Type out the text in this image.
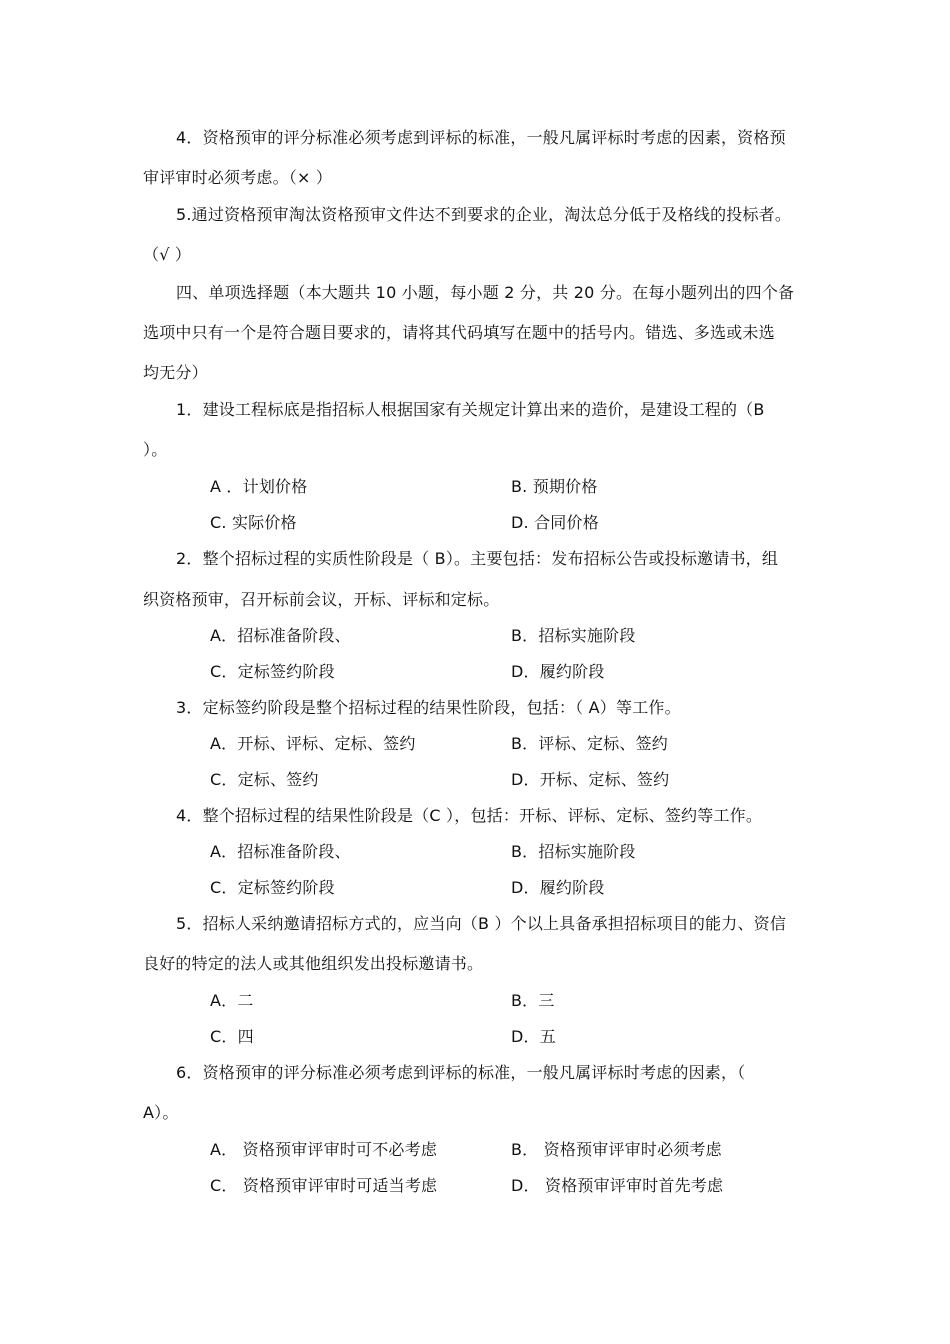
4．资格预审的评分标准必须考虑到评标的标准，一般凡属评标时考虑的因素，资格预
审评审时必须考虑。（× ）
5.通过资格预审淘汰资格预审文件达不到要求的企业，淘汰总分低于及格线的投标者。
（√ ）
四、单项选择题（本大题共 10 小题，每小题 2 分，共 20 分。在每小题列出的四个备
选项中只有一个是符合题目要求的，请将其代码填写在题中的括号内。错选、多选或未选
均无分）
1．建设工程标底是指招标人根据国家有关规定计算出来的造价，是建设工程的（B
）。
A ．计划价格	B. 预期价格
C. 实际价格	D. 合同价格
2．整个招标过程的实质性阶段是（ B）。主要包括：发布招标公告或投标邀请书，组
织资格预审，召开标前会议，开标、评标和定标。
A．招标准备阶段、	B．招标实施阶段
C．定标签约阶段	D．履约阶段
3．定标签约阶段是整个招标过程的结果性阶段，包括：（ A）等工作。
A．开标、评标、定标、签约	B．评标、定标、签约
C．定标、签约	D．开标、定标、签约
4．整个招标过程的结果性阶段是（C ），包括：开标、评标、定标、签约等工作。
A．招标准备阶段、	B．招标实施阶段
C．定标签约阶段	D．履约阶段
5．招标人采纳邀请招标方式的，应当向（B ）个以上具备承担招标项目的能力、资信
良好的特定的法人或其他组织发出投标邀请书。
A．二	B．三
C．四	D．五
6．资格预审的评分标准必须考虑到评标的标准，一般凡属评标时考虑的因素，（
A）。
A． 资格预审评审时可不必考虑	B． 资格预审评审时必须考虑
C． 资格预审评审时可适当考虑	D． 资格预审评审时首先考虑
